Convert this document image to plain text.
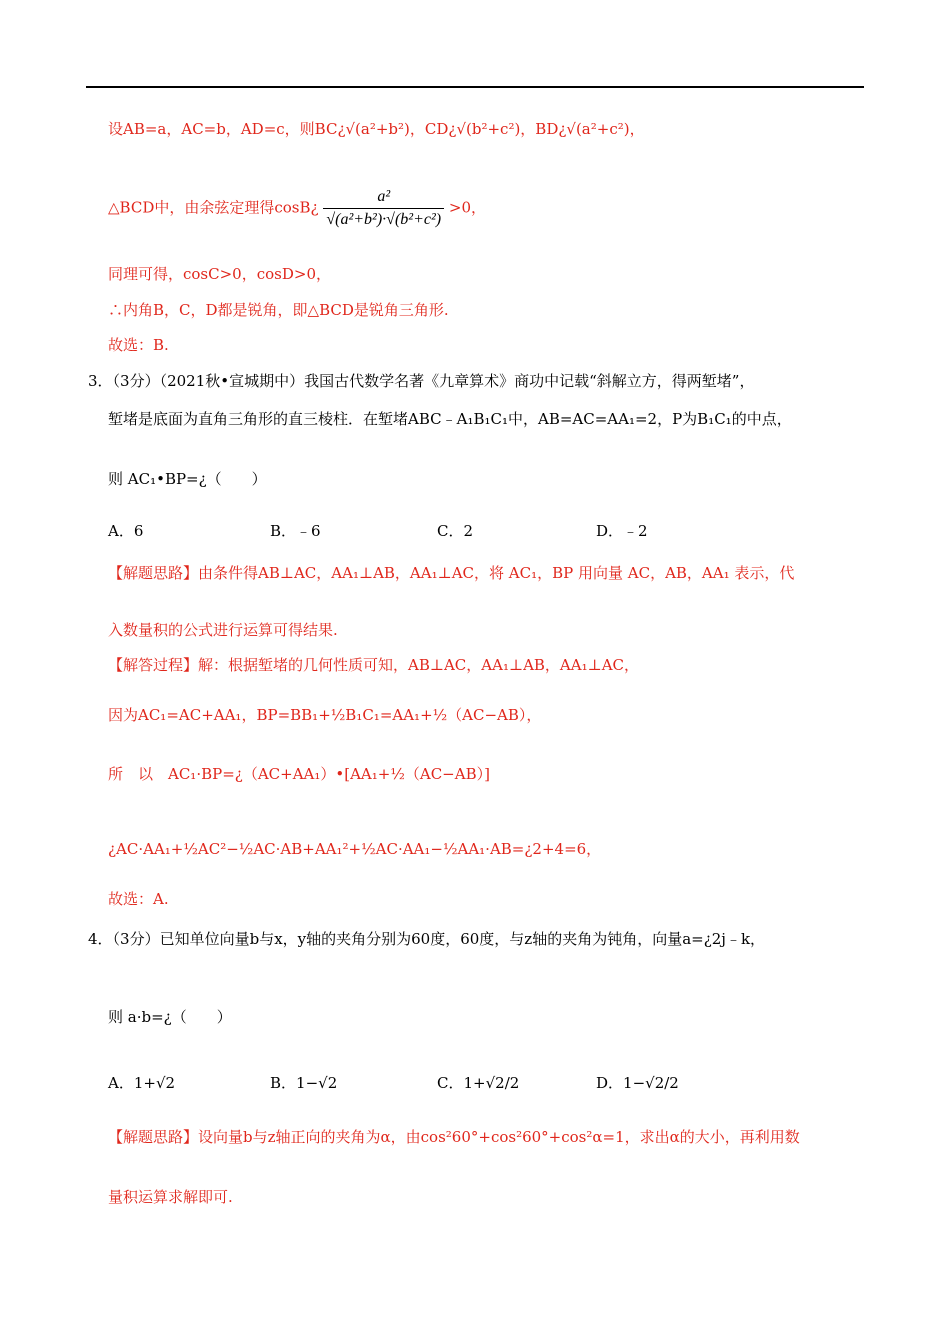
设AB=a，AC=b，AD=c，则BC¿√(a²+b²)，CD¿√(b²+c²)，BD¿√(a²+c²)，
△BCD中，由余弦定理得cosB¿ $\frac{\text{a²}}{\text{√(a²+b²)·√(b²+c²)}} >0$，
同理可得，cosC>0，cosD>0，
∴内角B，C，D都是锐角，即△BCD是锐角三角形.
故选：B.
3．（3分）（2021秋•宣城期中）我国古代数学名著《九章算术》商功中记载“斜解立方，得两堑堵”，
堑堵是底面为直角三角形的直三棱柱．在堑堵ABC﹣A₁B₁C₁中，AB=AC=AA₁=2，P为B₁C₁的中点，
则 AC₁•BP=¿（　　）
A．6	B．﹣6	C．2	D．﹣2
【解题思路】由条件得AB⊥AC，AA₁⊥AB，AA₁⊥AC，将 AC₁，BP 用向量 AC，AB，AA₁ 表示，代
入数量积的公式进行运算可得结果.
【解答过程】解：根据堑堵的几何性质可知，AB⊥AC，AA₁⊥AB，AA₁⊥AC，
因为AC₁=AC+AA₁，BP=BB₁+½B₁C₁=AA₁+½（AC−AB），
所　以　AC₁·BP=¿（AC+AA₁）•[AA₁+½（AC−AB）]
¿AC·AA₁+½AC²−½AC·AB+AA₁²+½AC·AA₁−½AA₁·AB=¿2+4=6，
故选：A.
4．（3分）已知单位向量b与x，y轴的夹角分别为60度，60度，与z轴的夹角为钝角，向量a=¿2j﹣k，
则 a·b=¿（　　）
A．1+√2	B．1−√2	C．1+√2/2	D．1−√2/2
【解题思路】设向量b与z轴正向的夹角为α，由cos²60°+cos²60°+cos²α=1，求出α的大小，再利用数
量积运算求解即可.
